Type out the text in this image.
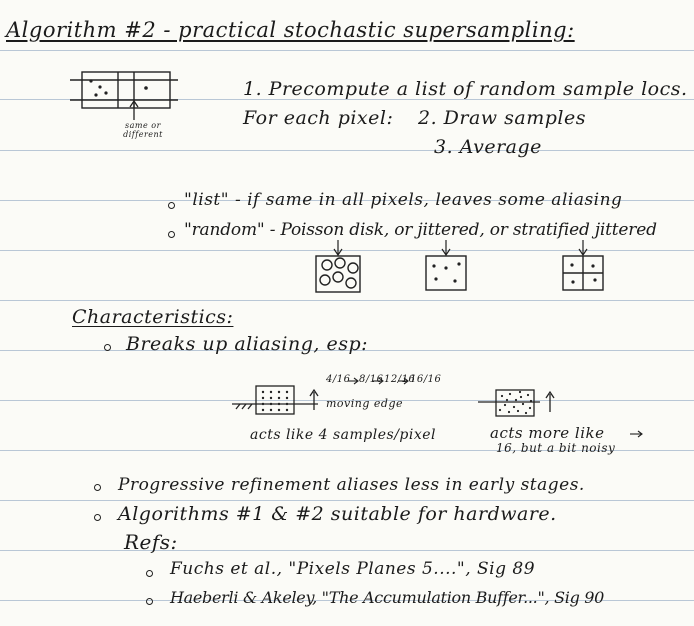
Algorithm #2 - practical stochastic supersampling:
same or different
1. Precompute a list of random sample locs.
For each pixel: 2. Draw samples
3. Average
"list" - if same in all pixels, leaves some aliasing
"random" - Poisson disk, or jittered, or stratified jittered
Characteristics:
Breaks up aliasing, esp:
4/16 8/16 12/16
16/16
moving edge
acts like 4 samples/pixel	acts more like
16, but a bit noisy
Progressive refinement aliases less in early stages.
Algorithms #1 & #2 suitable for hardware.
Refs:
Fuchs et al., "Pixels Planes 5....", Sig 89
Haeberli & Akeley, "The Accumulation Buffer...", Sig 90
